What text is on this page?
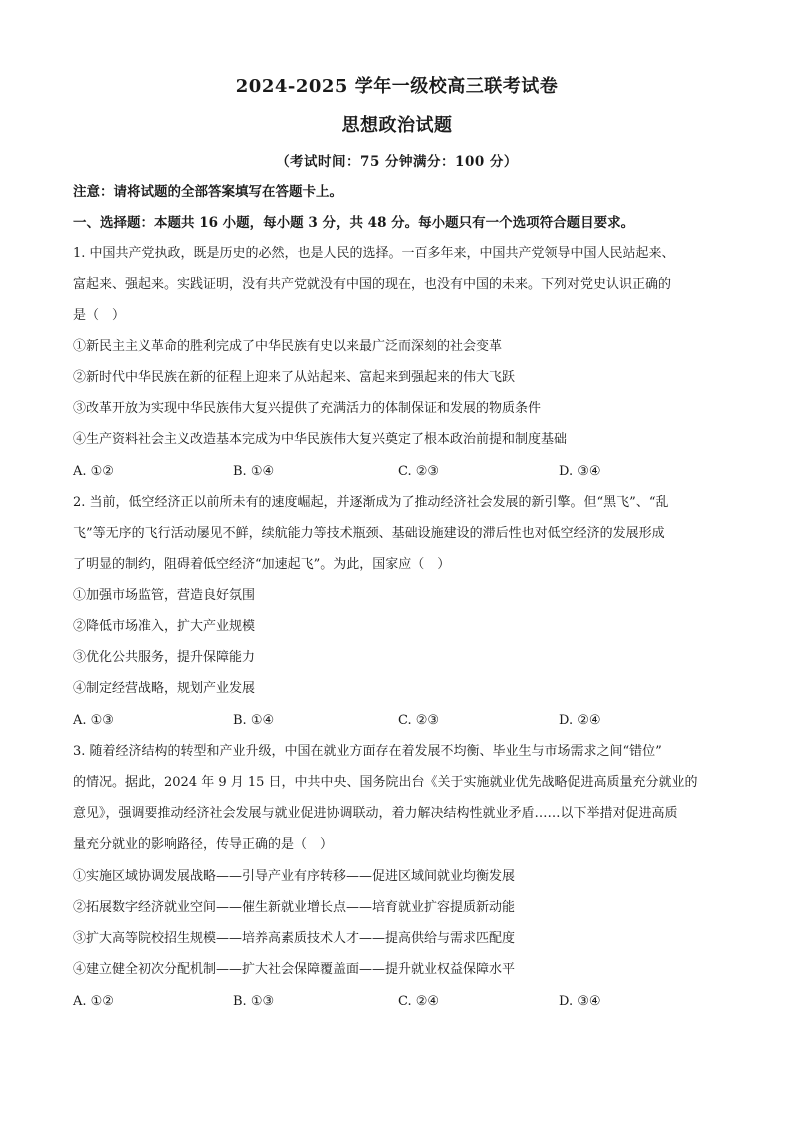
2024-2025 学年一级校高三联考试卷
思想政治试题
（考试时间：75 分钟满分：100 分）
注意：请将试题的全部答案填写在答题卡上。
一、选择题：本题共 16 小题，每小题 3 分，共 48 分。每小题只有一个选项符合题目要求。
1. 中国共产党执政，既是历史的必然，也是人民的选择。一百多年来，中国共产党领导中国人民站起来、
富起来、强起来。实践证明，没有共产党就没有中国的现在，也没有中国的未来。下列对党史认识正确的
是（　）
①新民主主义革命的胜利完成了中华民族有史以来最广泛而深刻的社会变革
②新时代中华民族在新的征程上迎来了从站起来、富起来到强起来的伟大飞跃
③改革开放为实现中华民族伟大复兴提供了充满活力的体制保证和发展的物质条件
④生产资料社会主义改造基本完成为中华民族伟大复兴奠定了根本政治前提和制度基础
A. ①②	B. ①④	C. ②③	D. ③④
2. 当前，低空经济正以前所未有的速度崛起，并逐渐成为了推动经济社会发展的新引擎。但“黑飞”、“乱
飞”等无序的飞行活动屡见不鲜，续航能力等技术瓶颈、基础设施建设的滞后性也对低空经济的发展形成
了明显的制约，阻碍着低空经济“加速起飞”。为此，国家应（　）
①加强市场监管，营造良好氛围
②降低市场准入，扩大产业规模
③优化公共服务，提升保障能力
④制定经营战略，规划产业发展
A. ①③	B. ①④	C. ②③	D. ②④
3. 随着经济结构的转型和产业升级，中国在就业方面存在着发展不均衡、毕业生与市场需求之间“错位”
的情况。据此，2024 年 9 月 15 日，中共中央、国务院出台《关于实施就业优先战略促进高质量充分就业的
意见》，强调要推动经济社会发展与就业促进协调联动，着力解决结构性就业矛盾……以下举措对促进高质
量充分就业的影响路径，传导正确的是（　）
①实施区域协调发展战略——引导产业有序转移——促进区域间就业均衡发展
②拓展数字经济就业空间——催生新就业增长点——培育就业扩容提质新动能
③扩大高等院校招生规模——培养高素质技术人才——提高供给与需求匹配度
④建立健全初次分配机制——扩大社会保障覆盖面——提升就业权益保障水平
A. ①②	B. ①③	C. ②④	D. ③④
